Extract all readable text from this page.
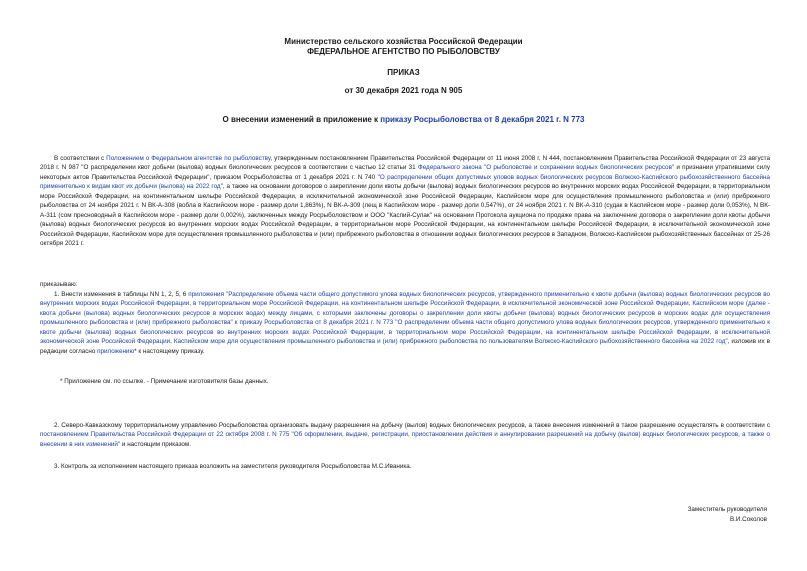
Министерство сельского хозяйства Российской Федерации
ФЕДЕРАЛЬНОЕ АГЕНТСТВО ПО РЫБОЛОВСТВУ
ПРИКАЗ
от 30 декабря 2021 года N 905
О внесении изменений в приложение к приказу Росрыболовства от 8 декабря 2021 г. N 773

В соответствии с Положением о Федеральном агентстве по рыболовству, утвержденным постановлением Правительства Российской Федерации от 11 июня 2008 г. N 444, постановлением Правительства Российской Федерации от 23 августа 2018 г. N 987 "О распределении квот добычи (вылова) водных биологических ресурсов в соответствии с частью 12 статьи 31 Федерального закона "О рыболовстве и сохранении водных биологических ресурсов" и признании утратившими силу некоторых актов Правительства Российской Федерации", приказом Росрыболовства от 1 декабря 2021 г. N 740 "О распределении общих допустимых уловов водных биологических ресурсов Волжско-Каспийского рыбохозяйственного бассейна применительно к видам квот их добычи (вылова) на 2022 год", а также на основании договоров о закреплении доли квоты добычи (вылова) водных биологических ресурсов во внутренних морских водах Российской Федерации, в территориальном море Российской Федерации, на континентальном шельфе Российской Федерации, в исключительной экономической зоне Российской Федерации, Каспийском море для осуществления промышленного рыболовства и (или) прибрежного рыболовства от 24 ноября 2021 г. N ВК-А-308 (вобла в Каспийском море - размер доли 1,863%), N ВК-А-309 (лещ в Каспийском море - размер доли 0,547%), от 24 ноября 2021 г. N ВК-А-310 (судак в Каспийском море - размер доли 0,053%), N ВК-А-311 (сом пресноводный в Каспийском море - размер доли 0,002%), заключенных между Росрыболовством и ООО "Каспий-Сулак" на основании Протокола аукциона по продаже права на заключение договора о закреплении доли квоты добычи (вылова) водных биологических ресурсов во внутренних морских водах Российской Федерации, в территориальном море Российской Федерации, на континентальном шельфе Российской Федерации, в исключительной экономической зоне Российской Федерации, Каспийском море для осуществления промышленного рыболовства и (или) прибрежного рыболовства в отношении водных биологических ресурсов в Западном, Волжско-Каспийском рыбохозяйственных бассейнах от 25-26 октября 2021 г.

приказываю:

1. Внести изменения в таблицы NN 1, 2, 5, 6 приложения "Распределение объема части общего допустимого улова водных биологических ресурсов, утвержденного применительно к квоте добычи (вылова) водных биологических ресурсов во внутренних морских водах Российской Федерации, в территориальном море Российской Федерации, на континентальном шельфе Российской Федерации, в исключительной экономической зоне Российской Федерации, Каспийском море (далее - квота добычи (вылова) водных биологических ресурсов в морских водах) между лицами, с которыми заключены договоры о закреплении доли квоты добычи (вылова) водных биологических ресурсов в морских водах для осуществления промышленного рыболовства и (или) прибрежного рыболовства" к приказу Росрыболовства от 8 декабря 2021 г. N 773 "О распределении объема части общего допустимого улова водных биологических ресурсов, утвержденного применительно к квоте добычи (вылова) водных биологических ресурсов во внутренних морских водах Российской Федерации, в территориальном море Российской Федерации, на континентальном шельфе Российской Федерации, в исключительной экономической зоне Российской Федерации, Каспийском море для осуществления промышленного рыболовства и (или) прибрежного рыболовства по пользователям Волжско-Каспийского рыбохозяйственного бассейна на 2022 год", изложив их в редакции согласно приложению* к настоящему приказу.

* Приложение см. по ссылке. - Примечание изготовителя базы данных.

2. Северо-Кавказскому территориальному управлению Росрыболовства организовать выдачу разрешения на добычу (вылов) водных биологических ресурсов, а также внесения изменений в такое разрешение осуществлять в соответствии с постановлением Правительства Российской Федерации от 22 октября 2008 г. N 775 "Об оформлении, выдаче, регистрации, приостановлении действия и аннулировании разрешений на добычу (вылов) водных биологических ресурсов, а также о внесении в них изменений" и настоящим приказом.

3. Контроль за исполнением настоящего приказа возложить на заместителя руководителя Росрыболовства М.С.Иваника.

Заместитель руководителя
В.И.Соколов
